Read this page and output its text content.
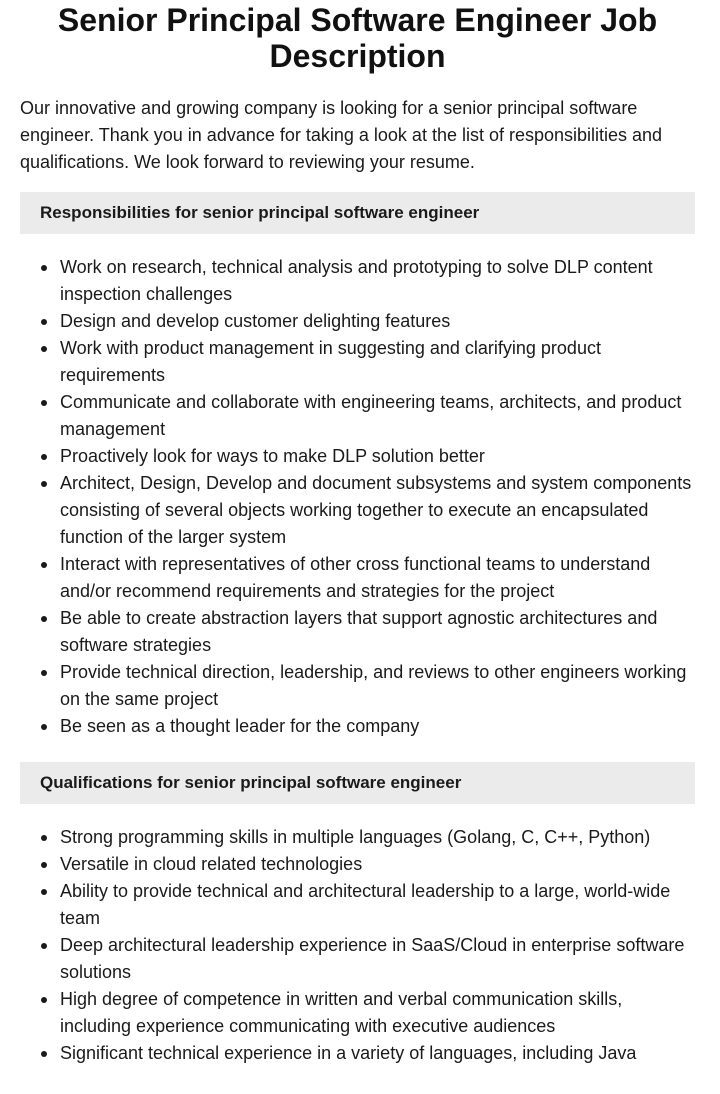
Senior Principal Software Engineer Job Description

Our innovative and growing company is looking for a senior principal software engineer. Thank you in advance for taking a look at the list of responsibilities and qualifications. We look forward to reviewing your resume.

Responsibilities for senior principal software engineer
Work on research, technical analysis and prototyping to solve DLP content inspection challenges
Design and develop customer delighting features
Work with product management in suggesting and clarifying product requirements
Communicate and collaborate with engineering teams, architects, and product management
Proactively look for ways to make DLP solution better
Architect, Design, Develop and document subsystems and system components consisting of several objects working together to execute an encapsulated function of the larger system
Interact with representatives of other cross functional teams to understand and/or recommend requirements and strategies for the project
Be able to create abstraction layers that support agnostic architectures and software strategies
Provide technical direction, leadership, and reviews to other engineers working on the same project
Be seen as a thought leader for the company
Qualifications for senior principal software engineer
Strong programming skills in multiple languages (Golang, C, C++, Python)
Versatile in cloud related technologies
Ability to provide technical and architectural leadership to a large, world-wide team
Deep architectural leadership experience in SaaS/Cloud in enterprise software solutions
High degree of competence in written and verbal communication skills, including experience communicating with executive audiences
Significant technical experience in a variety of languages, including Java
